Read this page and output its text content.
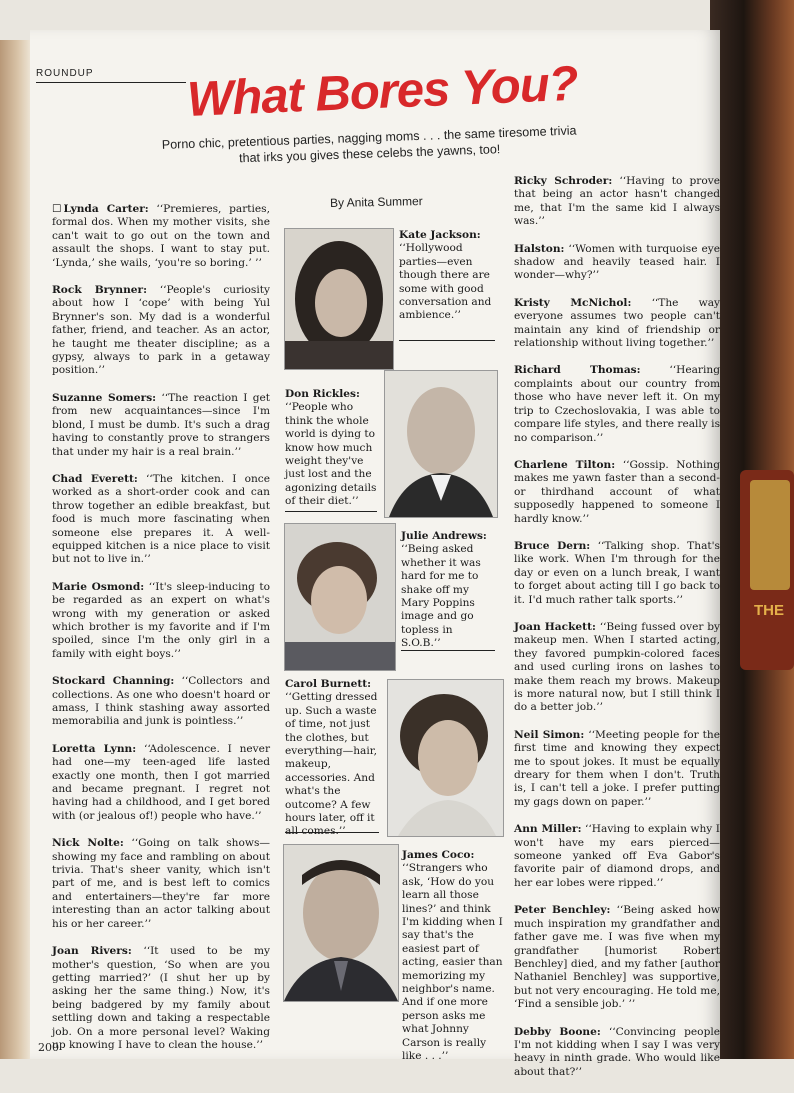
THE
ROUNDUP What Bores You?
Porno chic, pretentious parties, nagging moms . . . the same tiresome trivia that irks you gives these celebs the yawns, too!
By Anita Summer

☐ Lynda Carter: ‘‘Premieres, parties, formal dos. When my mother visits, she can't wait to go out on the town and assault the shops. I want to stay put. ‘Lynda,’ she wails, ‘you're so boring.’ ’’

Rock Brynner: ‘‘People's curiosity about how I ‘cope’ with being Yul Brynner's son. My dad is a wonderful father, friend, and teacher. As an actor, he taught me theater discipline; as a gypsy, always to park in a getaway position.’’

Suzanne Somers: ‘‘The reaction I get from new acquaintances—since I'm blond, I must be dumb. It's such a drag having to constantly prove to strangers that under my hair is a real brain.’’

Chad Everett: ‘‘The kitchen. I once worked as a short-order cook and can throw together an edible breakfast, but food is much more fascinating when someone else prepares it. A well-equipped kitchen is a nice place to visit but not to live in.’’

Marie Osmond: ‘‘It's sleep-inducing to be regarded as an expert on what's wrong with my generation or asked which brother is my favorite and if I'm spoiled, since I'm the only girl in a family with eight boys.’’

Stockard Channing: ‘‘Collectors and collections. As one who doesn't hoard or amass, I think stashing away assorted memorabilia and junk is pointless.’’

Loretta Lynn: ‘‘Adolescence. I never had one—my teen-aged life lasted exactly one month, then I got married and became pregnant. I regret not having had a childhood, and I get bored with (or jealous of!) people who have.’’

Nick Nolte: ‘‘Going on talk shows—showing my face and rambling on about trivia. That's sheer vanity, which isn't part of me, and is best left to comics and entertainers—they're far more interesting than an actor talking about his or her career.’’

Joan Rivers: ‘‘It used to be my mother's question, ‘So when are you getting married?’ (I shut her up by asking her the same thing.) Now, it's being badgered by my family about settling down and taking a respectable job. On a more personal level? Waking up knowing I have to clean the house.’’

Kate Jackson: ‘‘Hollywood parties—even though there are some with good conversation and ambience.’’
Don Rickles: ‘‘People who think the whole world is dying to know how much weight they've just lost and the agonizing details of their diet.’’
Julie Andrews: ‘‘Being asked whether it was hard for me to shake off my Mary Poppins image and go topless in S.O.B.’’
Carol Burnett: ‘‘Getting dressed up. Such a waste of time, not just the clothes, but everything—hair, makeup, accessories. And what's the outcome? A few hours later, off it all comes.’’
James Coco: ‘‘Strangers who ask, ‘How do you learn all those lines?’ and think I'm kidding when I say that's the easiest part of acting, easier than memorizing my neighbor's name. And if one more person asks me what Johnny Carson is really like . . .’’

Ricky Schroder: ‘‘Having to prove that being an actor hasn't changed me, that I'm the same kid I always was.’’

Halston: ‘‘Women with turquoise eye shadow and heavily teased hair. I wonder—why?’’

Kristy McNichol: ‘‘The way everyone assumes two people can't maintain any kind of friendship or relationship without living together.’’

Richard Thomas:	‘‘Hearing complaints about our country from those who have never left it. On my trip to Czechoslovakia, I was able to compare life styles, and there really is no comparison.’’

Charlene Tilton: ‘‘Gossip. Nothing makes me yawn faster than a second- or thirdhand account of what supposedly happened to someone I hardly know.’’

Bruce Dern: ‘‘Talking shop. That's like work. When I'm through for the day or even on a lunch break, I want to forget about acting till I go back to it. I'd much rather talk sports.’’

Joan Hackett: ‘‘Being fussed over by makeup men. When I started acting, they favored pumpkin-colored faces and used curling irons on lashes to make them reach my brows. Makeup is more natural now, but I still think I do a better job.’’

Neil Simon: ‘‘Meeting people for the first time and knowing they expect me to spout jokes. It must be equally dreary for them when I don't. Truth is, I can't tell a joke. I prefer putting my gags down on paper.’’

Ann Miller: ‘‘Having to explain why I won't have my ears pierced—someone yanked off Eva Gabor's favorite pair of diamond drops, and her ear lobes were ripped.’’

Peter Benchley: ‘‘Being asked how much inspiration my grandfather and father gave me. I was five when my grandfather [humorist Robert Benchley] died, and my father [author Nathaniel Benchley] was supportive, but not very encouraging. He told me, ‘Find a sensible job.’ ’’

Debby Boone: ‘‘Convincing people I'm not kidding when I say I was very heavy in ninth grade. Who would like about that?’’

200
